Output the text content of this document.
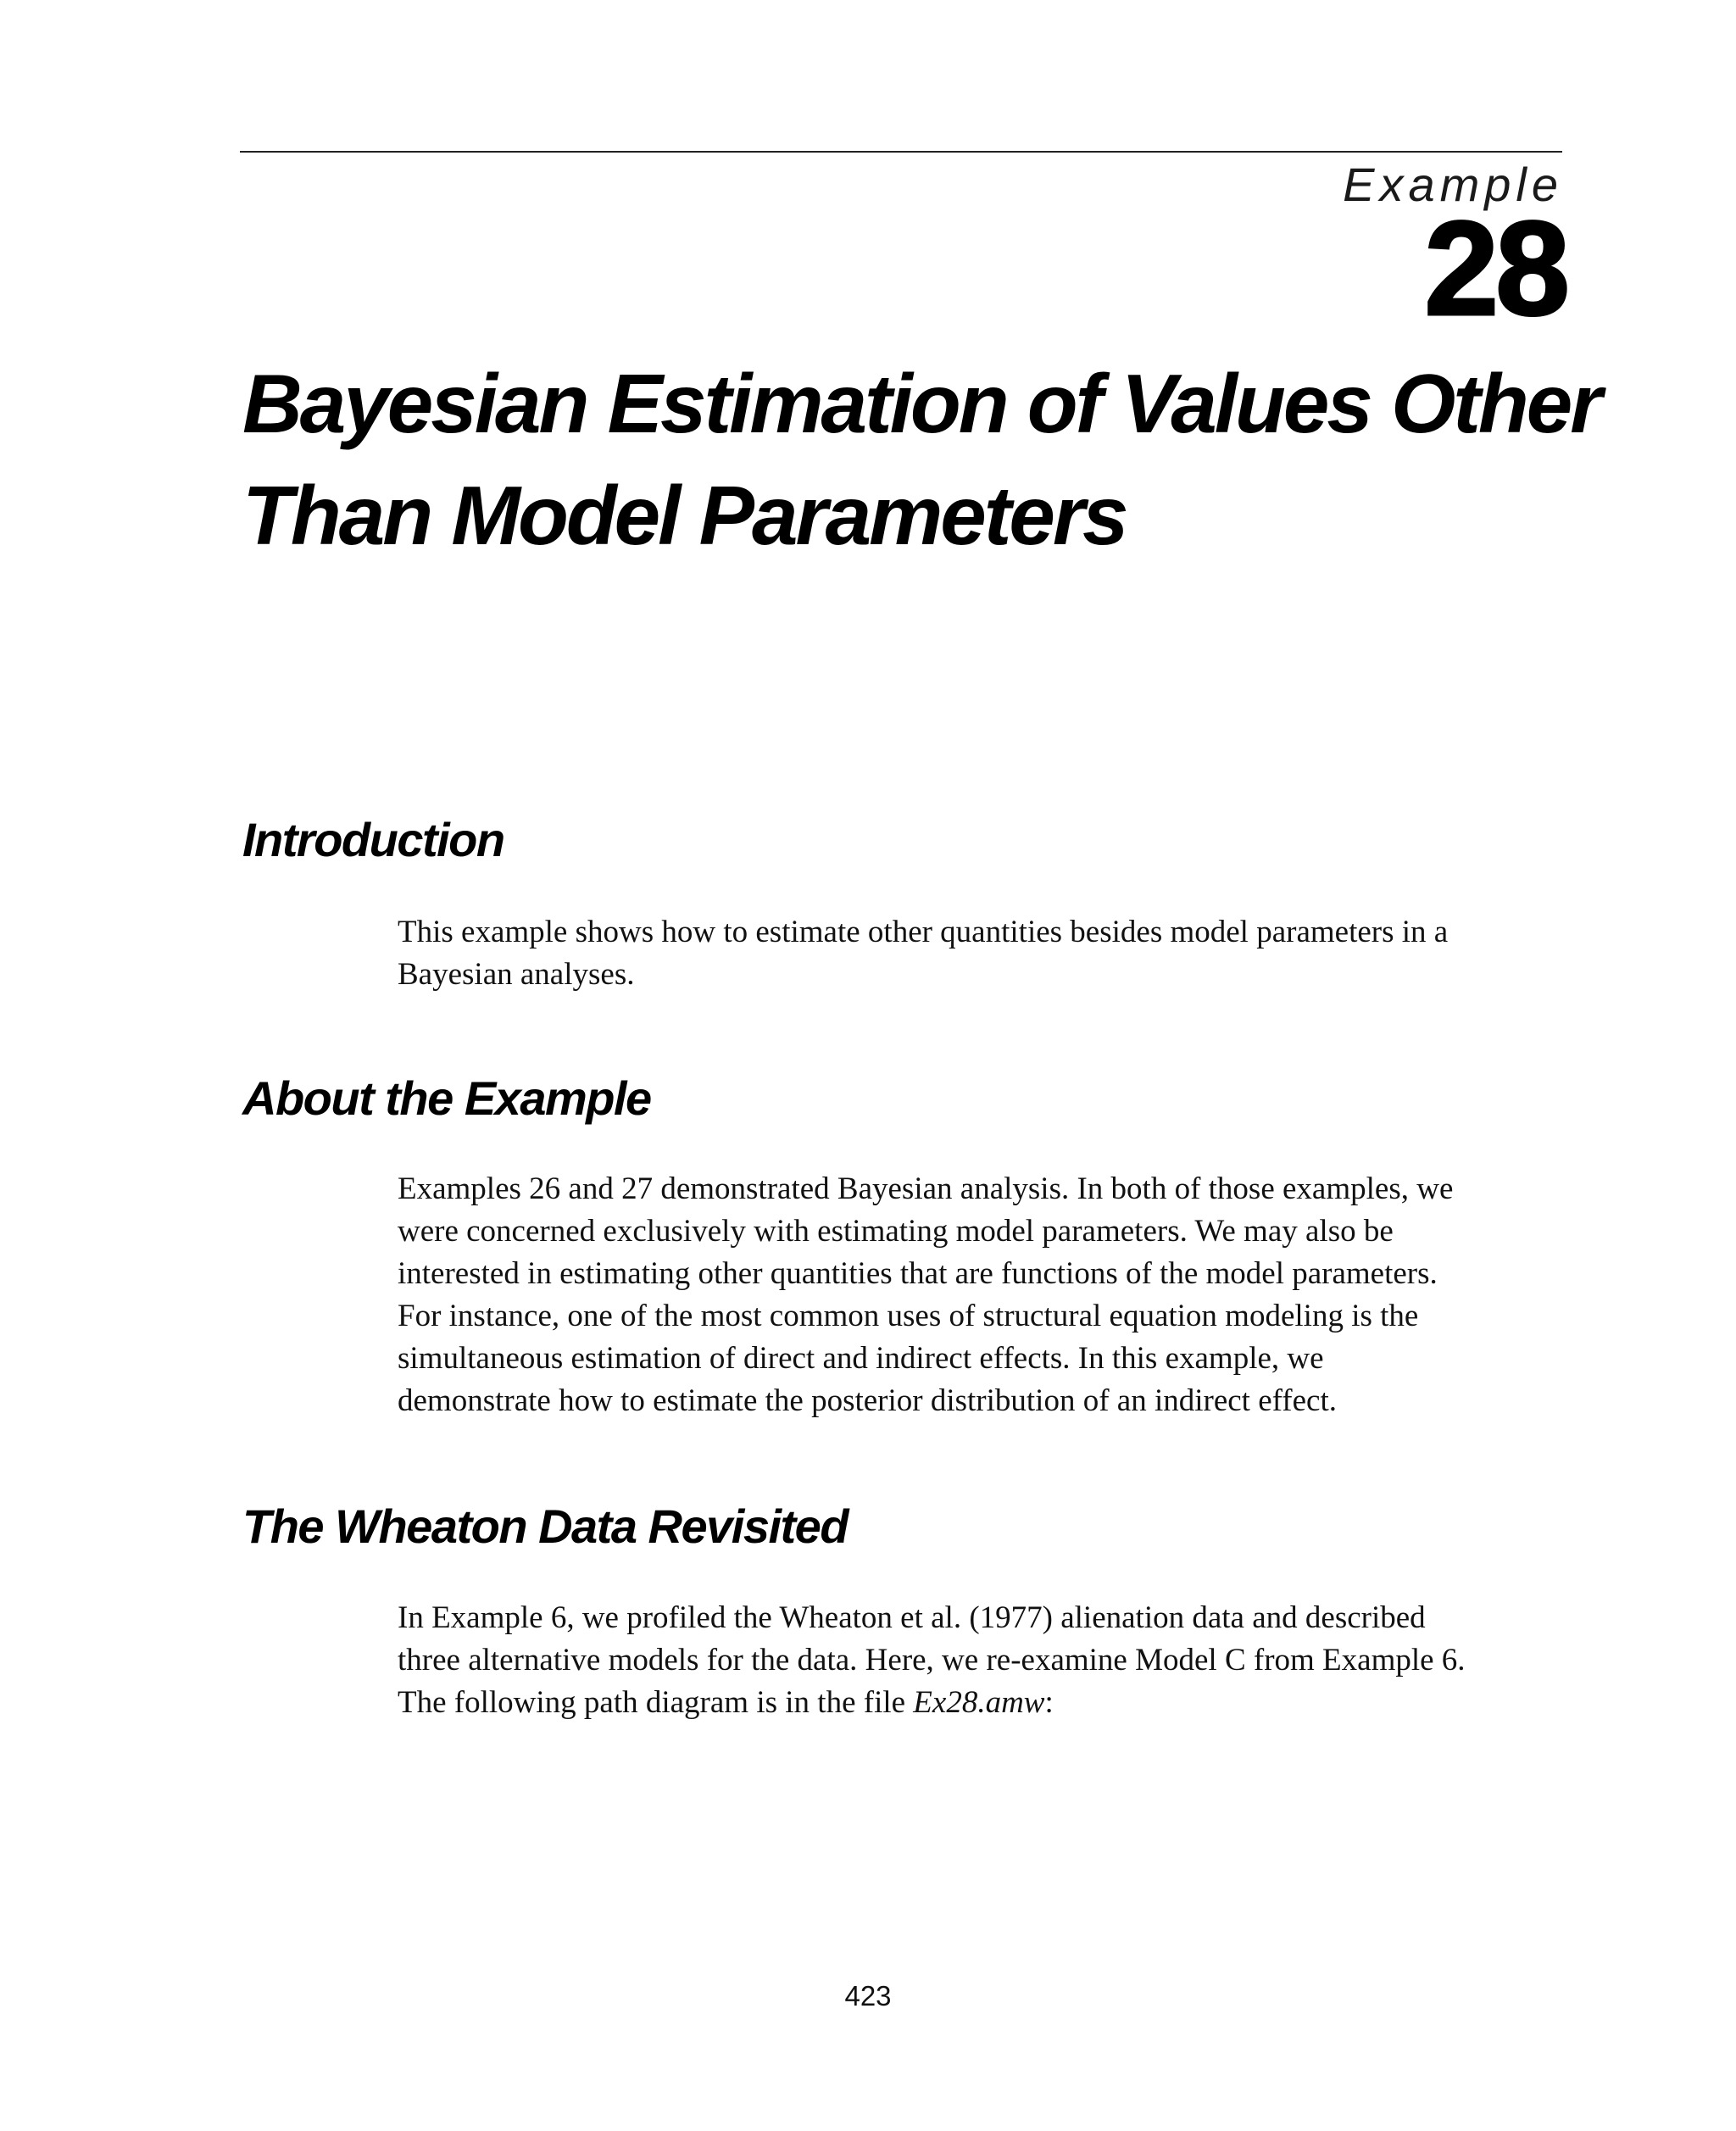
Example

28

Bayesian Estimation of Values Other
Than Model Parameters
Introduction

This example shows how to estimate other quantities besides model parameters in a
Bayesian analyses.

About the Example

Examples 26 and 27 demonstrated Bayesian analysis. In both of those examples, we
were concerned exclusively with estimating model parameters. We may also be
interested in estimating other quantities that are functions of the model parameters.
For instance, one of the most common uses of structural equation modeling is the
simultaneous estimation of direct and indirect effects. In this example, we
demonstrate how to estimate the posterior distribution of an indirect effect.

The Wheaton Data Revisited

In Example 6, we profiled the Wheaton et al. (1977) alienation data and described
three alternative models for the data. Here, we re-examine Model C from Example 6.
The following path diagram is in the file Ex28.amw:

423
